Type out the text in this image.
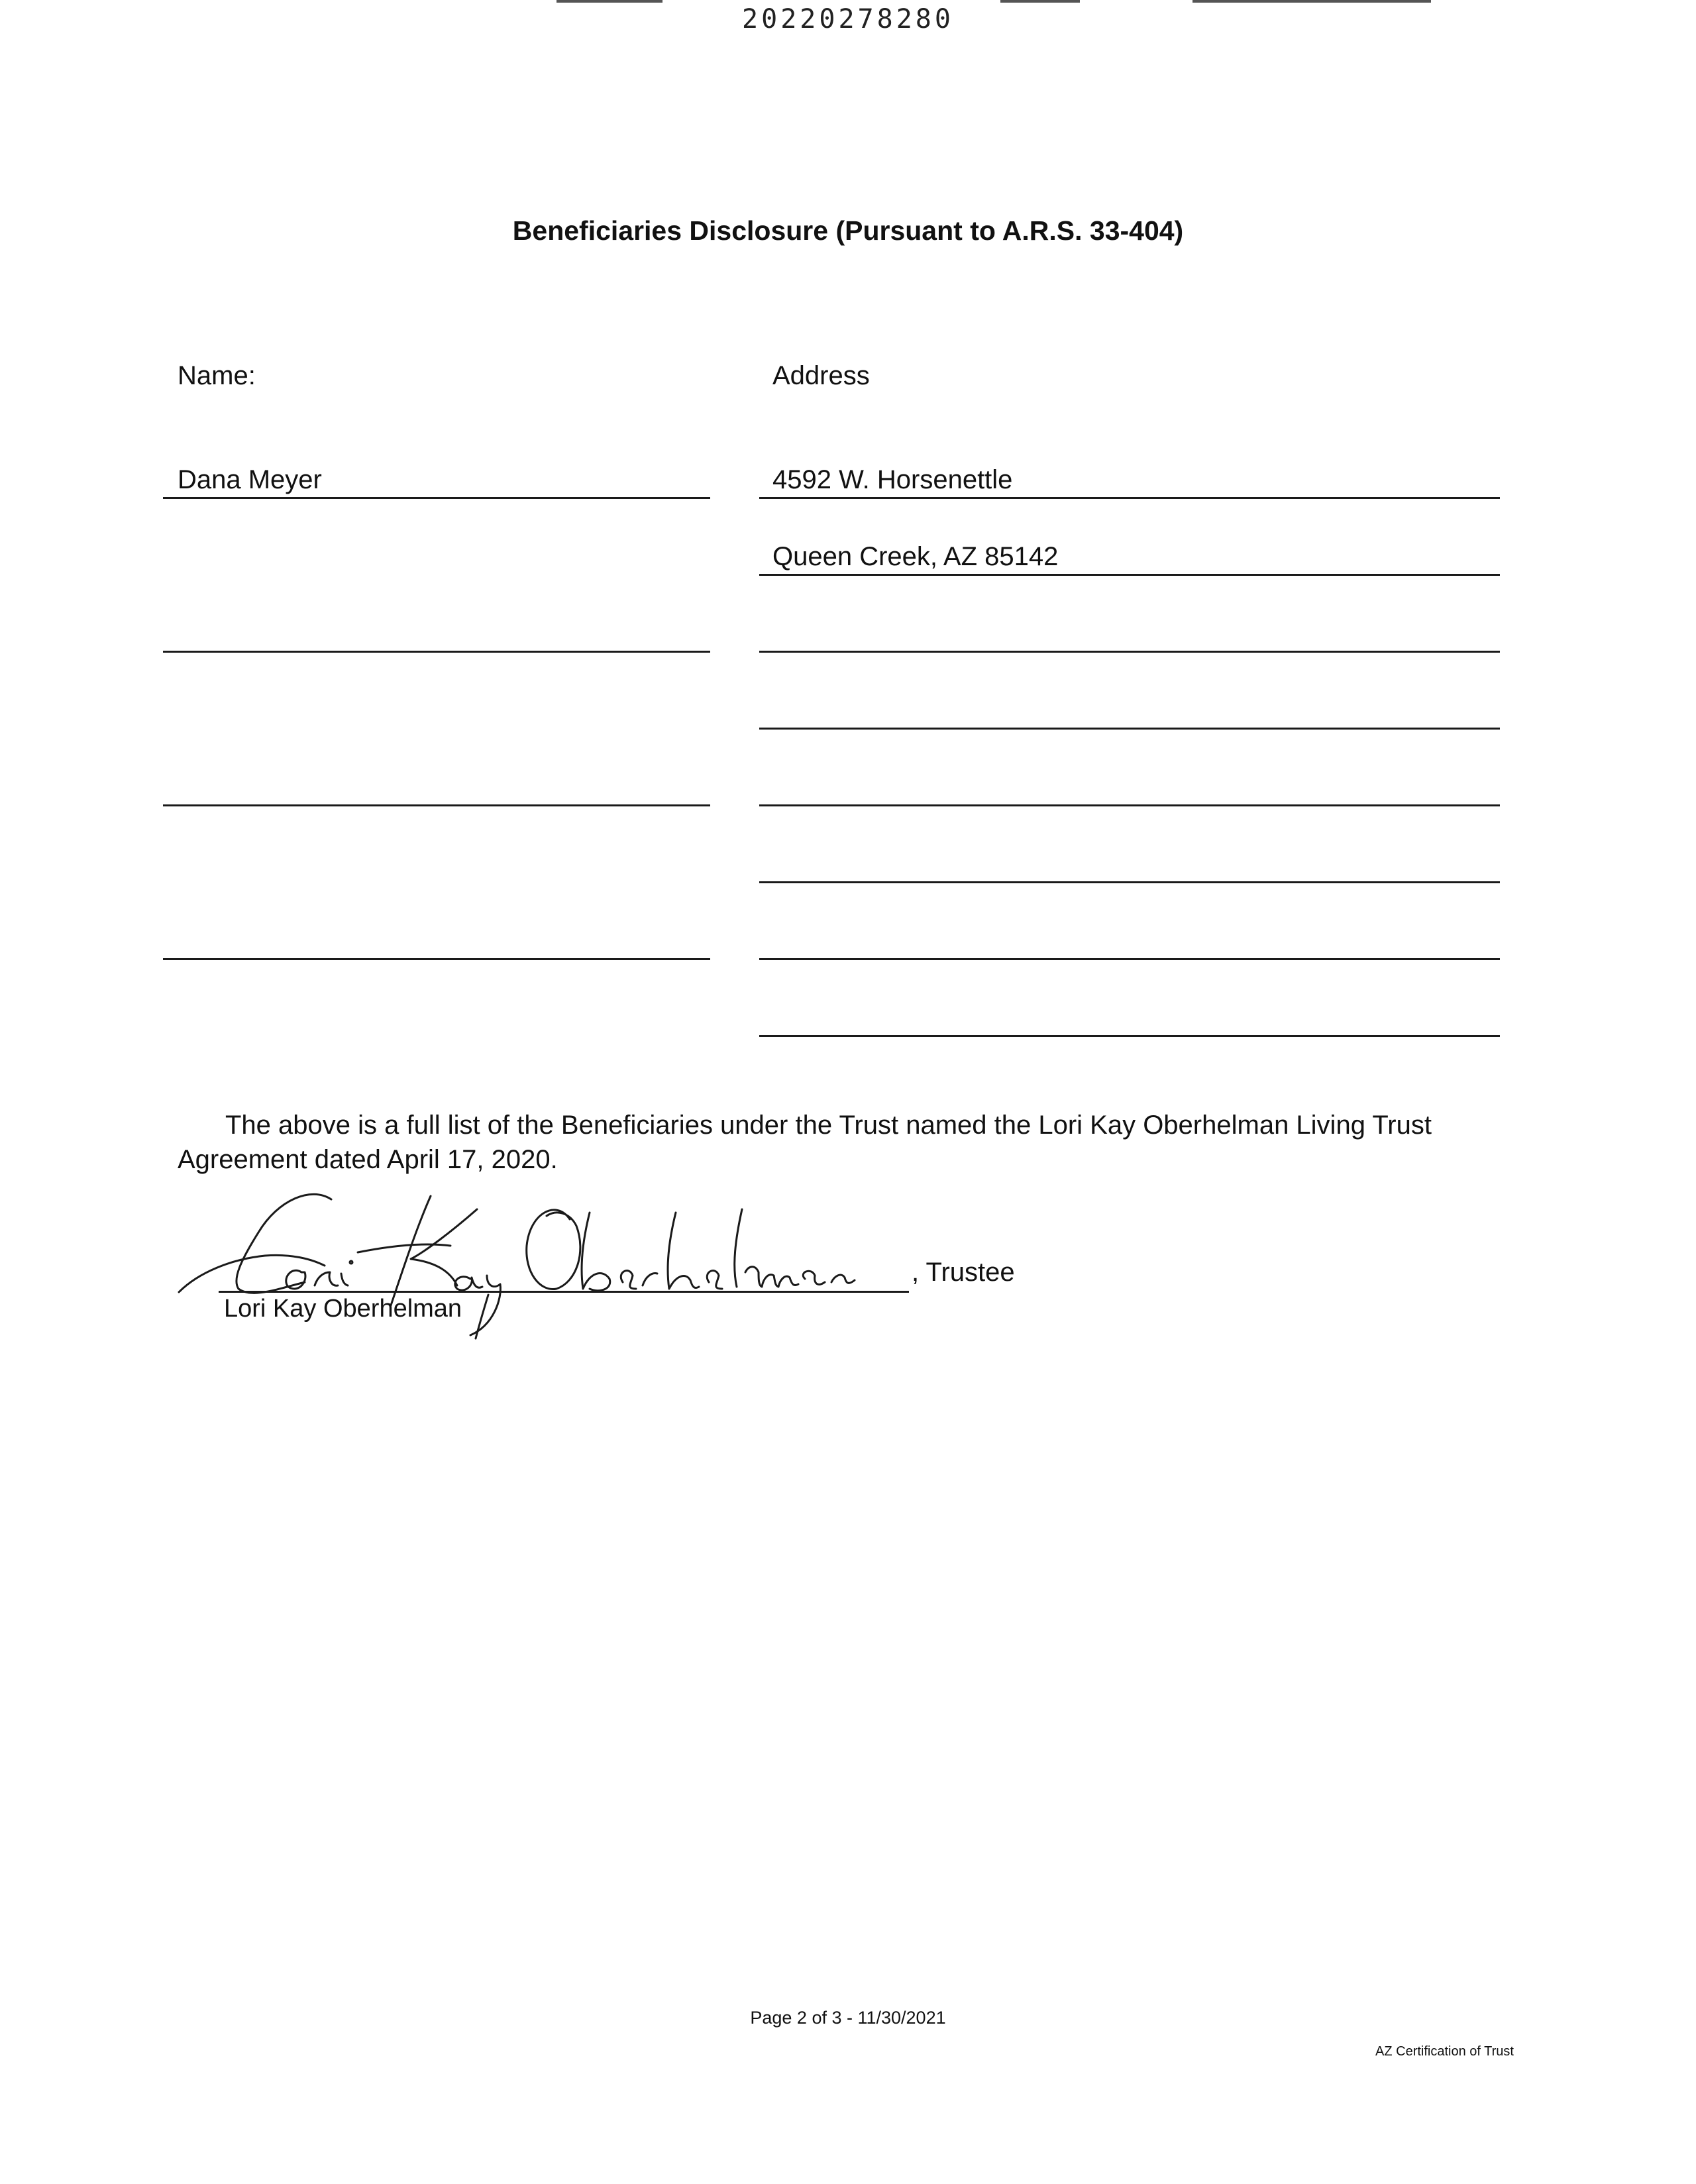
20220278280
Beneficiaries Disclosure (Pursuant to A.R.S. 33-404)
Name:	Address
Dana Meyer	4592 W. Horsenettle
Queen Creek, AZ 85142
The above is a full list of the Beneficiaries under the Trust named the Lori Kay Oberhelman Living Trust
Agreement dated April 17, 2020.
, Trustee
Lori Kay Oberhelman
Page 2 of 3 - 11/30/2021
AZ Certification of Trust
